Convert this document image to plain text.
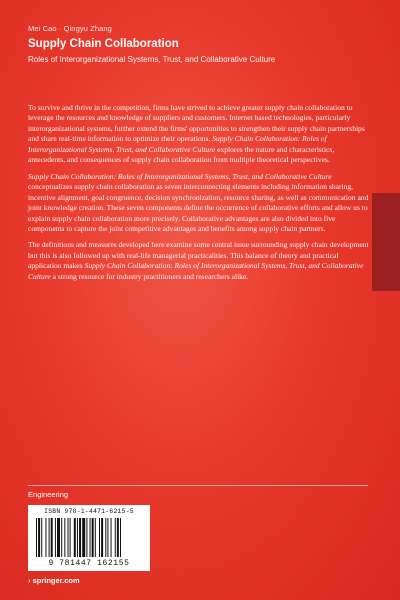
Mei Cao · Qingyu Zhang
Supply Chain Collaboration
Roles of Interorganizational Systems, Trust, and Collaborative Culture

To survive and thrive in the competition, firms have strived to achieve greater supply chain collaboration to leverage the resources and knowledge of suppliers and customers. Internet based technologies, particularly interorganizational systems, further extend the firms' opportunities to strengthen their supply chain partnerships and share real-time information to optimize their operations. Supply Chain Collaboration: Roles of Interorganizational Systems, Trust, and Collaborative Culture explores the nature and characteristics, antecedents, and consequences of supply chain collaboration from multiple theoretical perspectives.

Supply Chain Collaboration: Roles of Interorganizational Systems, Trust, and Collaborative Culture conceptualizes supply chain collaboration as seven interconnecting elements including information sharing, incentive alignment, goal congruence, decision synchronization, resource sharing, as well as communication and joint knowledge creation. These seven components define the occurrence of collaborative efforts and allow us to explain supply chain collaboration more precisely. Collaborative advantages are also divided into five components to capture the joint competitive advantages and benefits among supply chain partners.

The definitions and measures developed here examine some central issue surrounding supply chain development but this is also followed up with real-life managerial practicalities. This balance of theory and practical application makes Supply Chain Collaboration: Roles of Interorganizational Systems, Trust, and Collaborative Culture a strong resource for industry practitioners and researchers alike.

Engineering
ISBN 978-1-4471-6215-5
9 781447 162155
› springer.com
